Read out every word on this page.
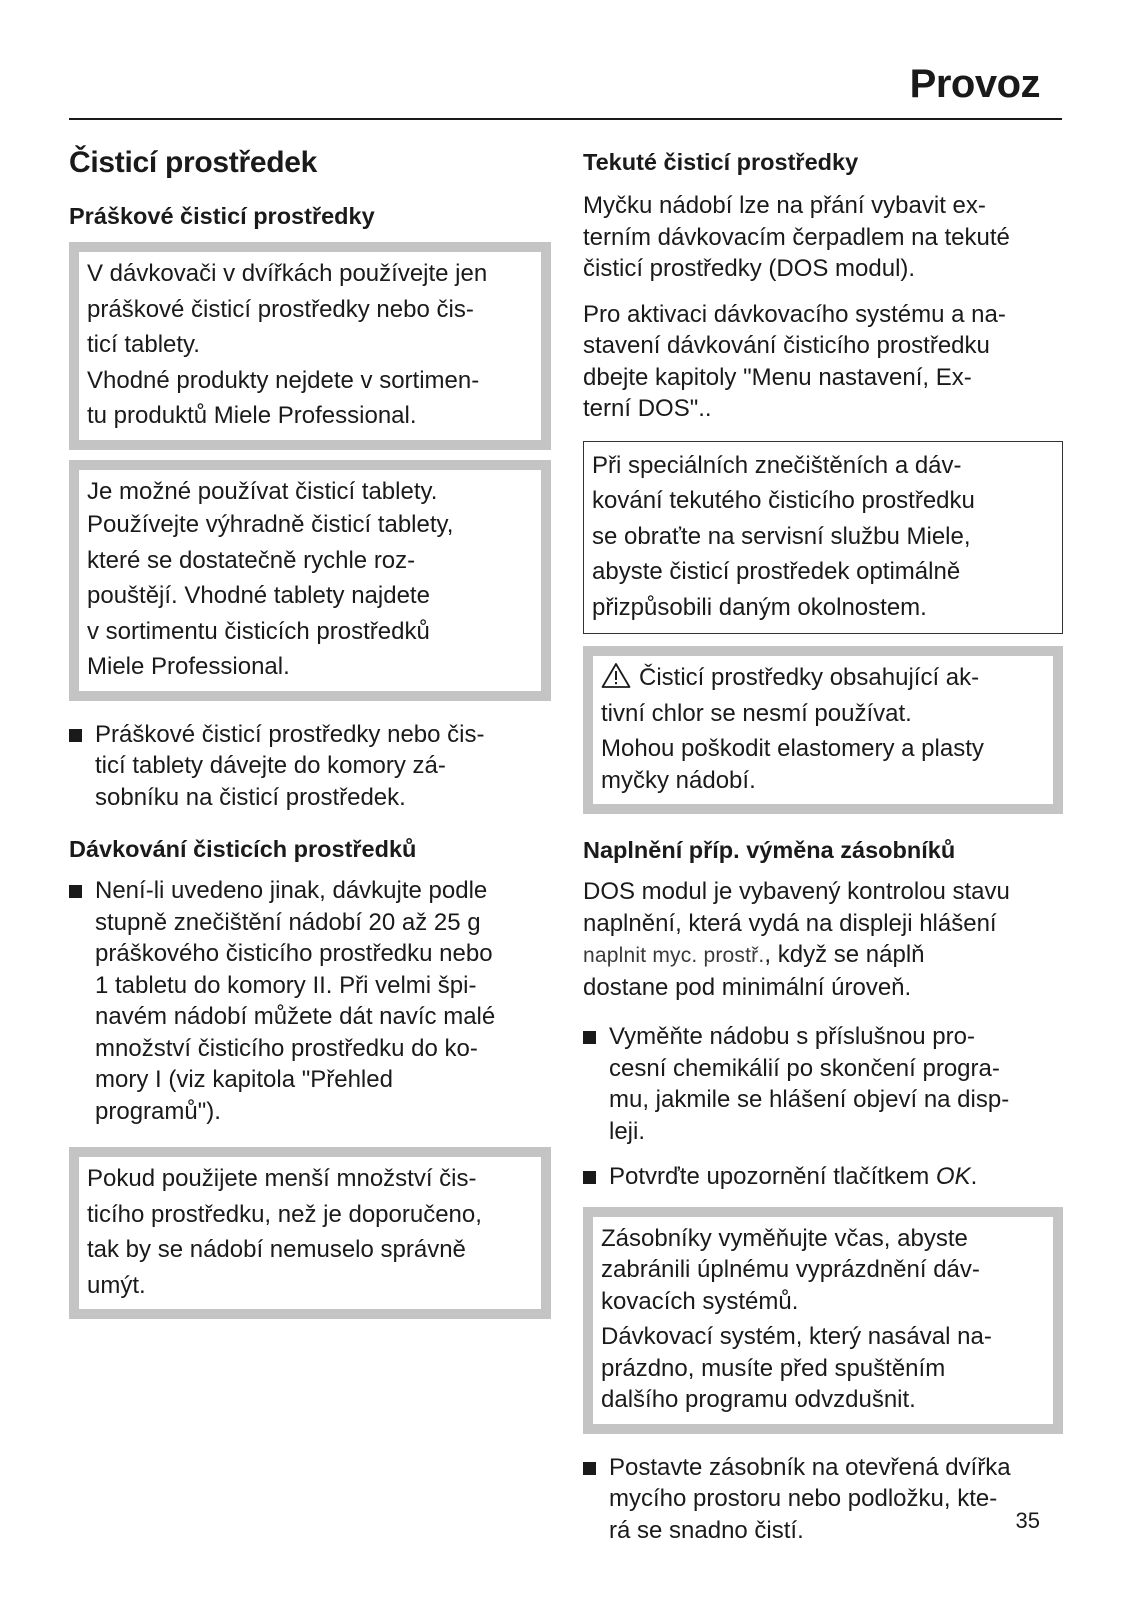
Provoz
Čisticí prostředek
Práškové čisticí prostředky
V dávkovači v dvířkách používejte jen
práškové čisticí prostředky nebo čis-
ticí tablety.
Vhodné produkty nejdete v sortimen-
tu produktů Miele Professional.
Je možné používat čisticí tablety.
Používejte výhradně čisticí tablety,
které se dostatečně rychle roz-
pouštějí. Vhodné tablety najdete
v sortimentu čisticích prostředků
Miele Professional.
Práškové čisticí prostředky nebo čis-
ticí tablety dávejte do komory zá-
sobníku na čisticí prostředek.
Dávkování čisticích prostředků
Není-li uvedeno jinak, dávkujte podle
stupně znečištění nádobí 20 až 25 g
práškového čisticího prostředku nebo
1 tabletu do komory II. Při velmi špi-
navém nádobí můžete dát navíc malé
množství čisticího prostředku do ko-
mory I (viz kapitola "Přehled
programů").
Pokud použijete menší množství čis-
ticího prostředku, než je doporučeno,
tak by se nádobí nemuselo správně
umýt.
Tekuté čisticí prostředky
Myčku nádobí lze na přání vybavit ex-
terním dávkovacím čerpadlem na tekuté
čisticí prostředky (DOS modul).
Pro aktivaci dávkovacího systému a na-
stavení dávkování čisticího prostředku
dbejte kapitoly "Menu nastavení, Ex-
terní DOS"..
Při speciálních znečištěních a dáv-
kování tekutého čisticího prostředku
se obraťte na servisní službu Miele,
abyste čisticí prostředek optimálně
přizpůsobili daným okolnostem.
Čisticí prostředky obsahující ak-
tivní chlor se nesmí používat.
Mohou poškodit elastomery a plasty
myčky nádobí.
Naplnění příp. výměna zásobníků
DOS modul je vybavený kontrolou stavu
naplnění, která vydá na displeji hlášení
naplnit myc. prostř., když se náplň
dostane pod minimální úroveň.
Vyměňte nádobu s příslušnou pro-
cesní chemikálií po skončení progra-
mu, jakmile se hlášení objeví na disp-
leji.
Potvrďte upozornění tlačítkem OK.
Zásobníky vyměňujte včas, abyste
zabránili úplnému vyprázdnění dáv-
kovacích systémů.
Dávkovací systém, který nasával na-
prázdno, musíte před spuštěním
dalšího programu odvzdušnit.
Postavte zásobník na otevřená dvířka
mycího prostoru nebo podložku, kte-
rá se snadno čistí.	35
